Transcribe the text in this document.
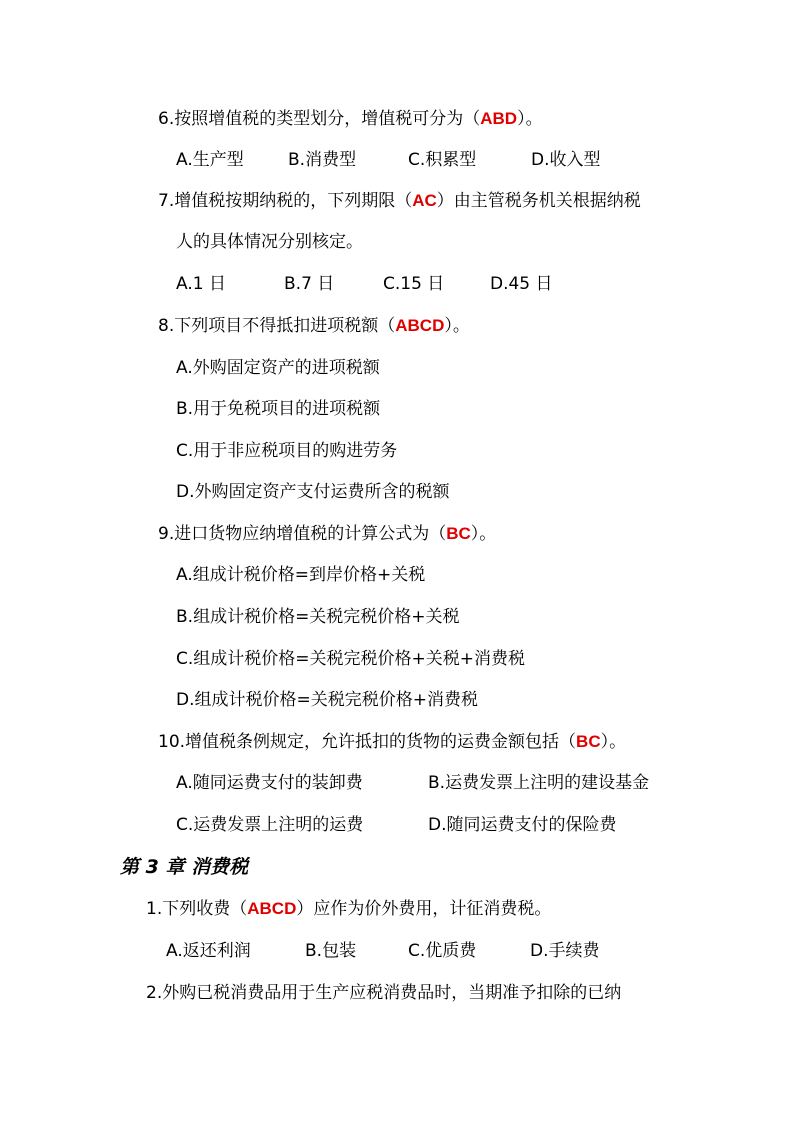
6.按照增值税的类型划分，增值税可分为（ABD）。
A.生产型	B.消费型	C.积累型	D.收入型
7.增值税按期纳税的，下列期限（AC）由主管税务机关根据纳税
人的具体情况分别核定。
A.1 日	B.7 日	C.15 日	D.45 日
8.下列项目不得抵扣进项税额（ABCD）。
A.外购固定资产的进项税额
B.用于免税项目的进项税额
C.用于非应税项目的购进劳务
D.外购固定资产支付运费所含的税额
9.进口货物应纳增值税的计算公式为（BC）。
A.组成计税价格=到岸价格+关税
B.组成计税价格=关税完税价格+关税
C.组成计税价格=关税完税价格+关税+消费税
D.组成计税价格=关税完税价格+消费税
10.增值税条例规定，允许抵扣的货物的运费金额包括（BC）。
A.随同运费支付的装卸费	B.运费发票上注明的建设基金
C.运费发票上注明的运费	D.随同运费支付的保险费
第 3 章 消费税
1.下列收费（ABCD）应作为价外费用，计征消费税。
A.返还利润	B.包装	C.优质费	D.手续费
2.外购已税消费品用于生产应税消费品时，当期准予扣除的已纳
